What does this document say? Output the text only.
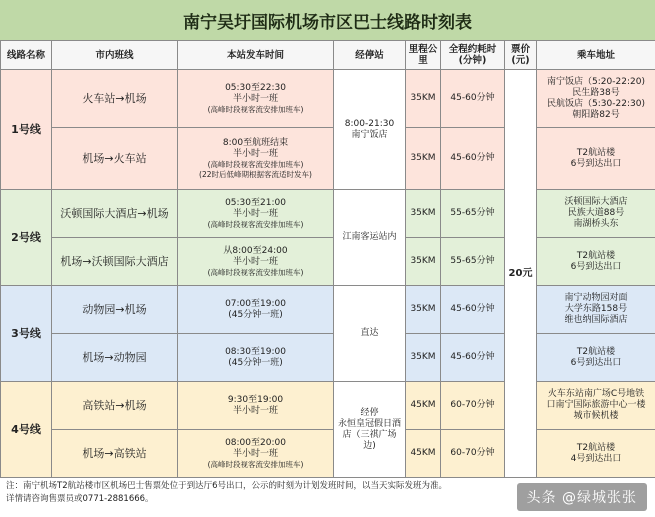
南宁吴圩国际机场市区巴士线路时刻表
线路名称	市内班线	本站发车时间	经停站	里程公里	全程约耗时(分钟)	票价(元)	乘车地址
1号线	火车站→机场	05:30至22:30
半小时一班
(高峰时段视客流安排加班车)	8:00-21:30
南宁饭店	35KM	45-60分钟	20元	南宁饭店（5:20-22:20)
民生路38号
民航饭店（5:30-22:30)
朝阳路82号

	机场→火车站	8:00至航班结束
半小时一班
(高峰时段视客流安排加班车)
(22时后低峰期根据客流适时发车)		35KM	45-60分钟		T2航站楼
6号到达出口

2号线	沃顿国际大酒店→机场	05:30至21:00
半小时一班
(高峰时段视客流安排加班车)	江南客运站内	35KM	55-65分钟		沃顿国际大酒店
民族大道88号
南湖桥头东

	机场→沃顿国际大酒店	从8:00至24:00
半小时一班
(高峰时段视客流安排加班车)		35KM	55-65分钟		T2航站楼
6号到达出口

3号线	动物园→机场	07:00至19:00
(45分钟一班)	直达	35KM	45-60分钟		南宁动物园对面
大学东路158号
维也纳国际酒店

	机场→动物园	08:30至19:00
(45分钟一班)		35KM	45-60分钟		T2航站楼
6号到达出口

4号线	高铁站→机场	9:30至19:00
半小时一班	经停
永恒皇冠假日酒
店（三祺广场
边)	45KM	60-70分钟		火车东站南广场C号地铁
口南宁国际旅游中心一楼
城市候机楼

	机场→高铁站	08:00至20:00
半小时一班
(高峰时段视客流安排加班车)		45KM	60-70分钟		T2航站楼
4号到达出口
注：南宁机场T2航站楼市区机场巴士售票处位于到达厅6号出口，公示的时刻为计划发班时间，以当天实际发班为准。
详情请咨询售票员或0771-2881666。	头条 @绿城张张
